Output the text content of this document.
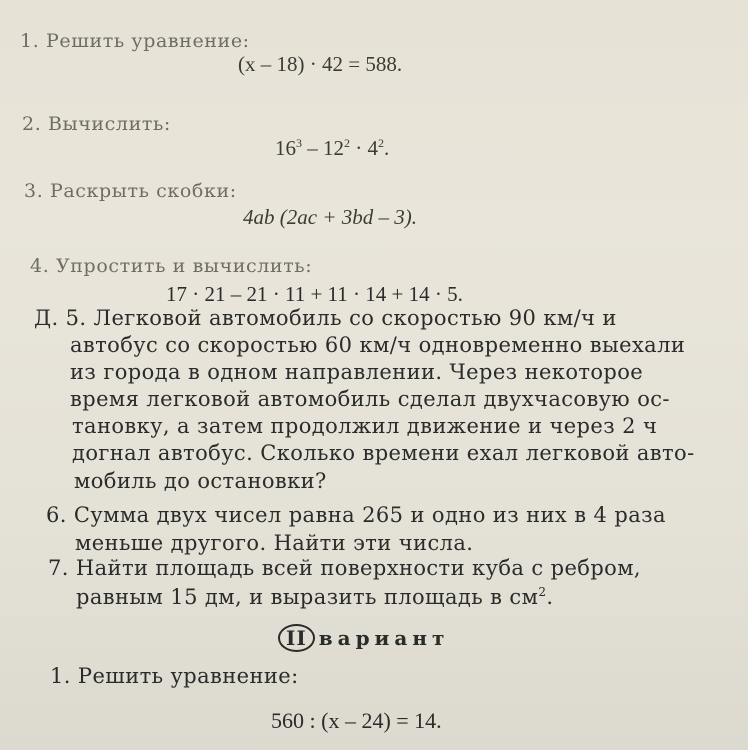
1. Решить уравнение:
(x – 18) · 42 = 588.
2. Вычислить:
$16^3 - 12^2 \cdot 4^2$.
3. Раскрыть скобки:
4ab (2ac + 3bd – 3).
4. Упростить и вычислить:
17 · 21 – 21 · 11 + 11 · 14 + 14 · 5.
Д. 5. Легковой автомобиль со скоростью 90 км/ч и
автобус со скоростью 60 км/ч одновременно выехали
из города в одном направлении. Через некоторое
время легковой автомобиль сделал двухчасовую ос-
тановку, а затем продолжил движение и через 2 ч
догнал автобус. Сколько времени ехал легковой авто-
мобиль до остановки?
6. Сумма двух чисел равна 265 и одно из них в 4 раза
меньше другого. Найти эти числа.
7. Найти площадь всей поверхности куба с ребром,
равным 15 дм, и выразить площадь в $см^2$.
II вариант
1. Решить уравнение:
560 : (x – 24) = 14.
